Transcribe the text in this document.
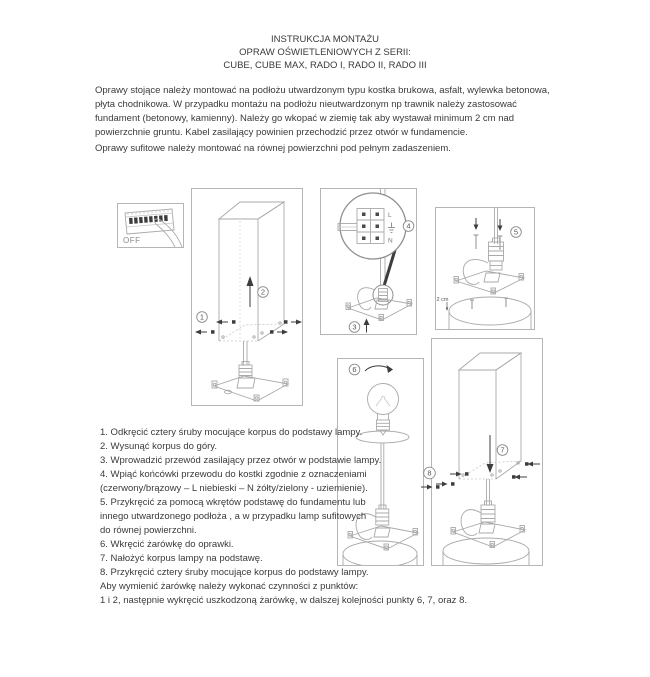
INSTRUKCJA MONTAŻU
OPRAW OŚWIETLENIOWYCH Z SERII:
CUBE, CUBE MAX, RADO I, RADO II, RADO III
Oprawy stojące należy montować na podłożu utwardzonym typu kostka brukowa, asfalt, wylewka betonowa, płyta chodnikowa. W przypadku montażu na podłożu nieutwardzonym np trawnik należy zastosować fundament (betonowy, kamienny). Należy go wkopać w ziemię tak aby wystawał minimum 2 cm nad powierzchnie gruntu. Kabel zasilający powinien przechodzić przez otwór w fundamencie.
Oprawy sufitowe należy montować na równej powierzchni pod pełnym zadaszeniem.
OFF
2
1
L
N
4
3
5
2 cm
6
7
8
1. Odkręcić cztery śruby mocujące korpus do podstawy lampy.
2. Wysunąć korpus do góry.
3. Wprowadzić przewód zasilający przez otwór w podstawie lampy.
4. Wpiąć końcówki przewodu do kostki zgodnie z oznaczeniami
(czerwony/brązowy – L niebieski – N żółty/zielony - uziemienie).
5. Przykręcić za pomocą wkrętów podstawę do fundamentu lub
innego utwardzonego podłoża , a w przypadku lamp sufitowych
do równej powierzchni.
6. Wkręcić żarówkę do oprawki.
7. Nałożyć korpus lampy na podstawę.
8. Przykręcić cztery śruby mocujące korpus do podstawy lampy.
Aby wymienić żarówkę należy wykonać czynności z punktów:
1 i 2, następnie wykręcić uszkodzoną żarówkę, w dalszej kolejności punkty 6, 7, oraz 8.
